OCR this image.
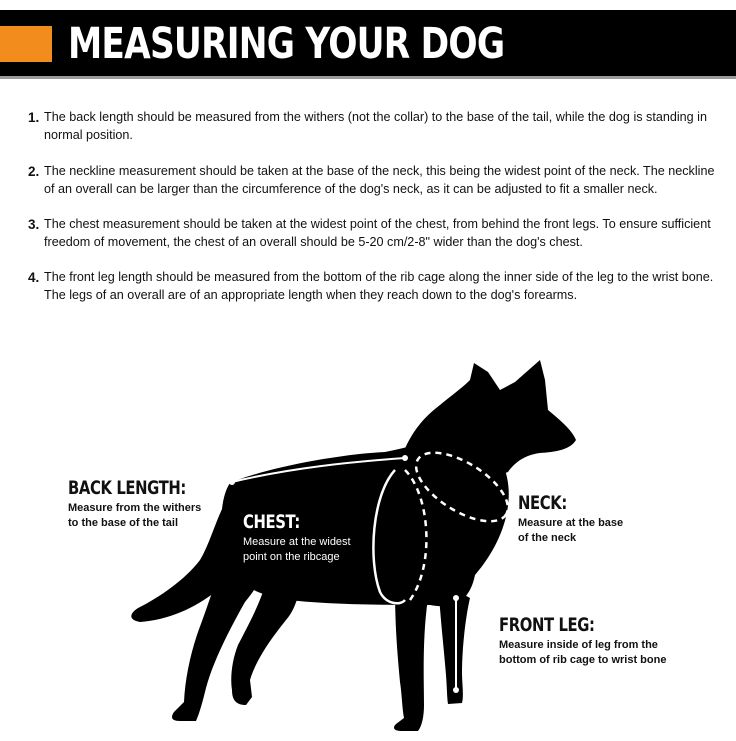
MEASURING YOUR DOG
1. The back length should be measured from the withers (not the collar) to the base of the tail, while the dog is standing in normal position.
2. The neckline measurement should be taken at the base of the neck, this being the widest point of the neck. The neckline of an overall can be larger than the circumference of the dog's neck, as it can be adjusted to fit a smaller neck.
3. The chest measurement should be taken at the widest point of the chest, from behind the front legs. To ensure sufficient freedom of movement, the chest of an overall should be 5-20 cm/2-8" wider than the dog's chest.
4. The front leg length should be measured from the bottom of the rib cage along the inner side of the leg to the wrist bone. The legs of an overall are of an appropriate length when they reach down to the dog's forearms.
BACK LENGTH:
Measure from the withers
to the base of the tail	CHEST:
Measure at the widest
point on the ribcage
NECK:
Measure at the base
of the neck
FRONT LEG:
Measure inside of leg from the
bottom of rib cage to wrist bone
